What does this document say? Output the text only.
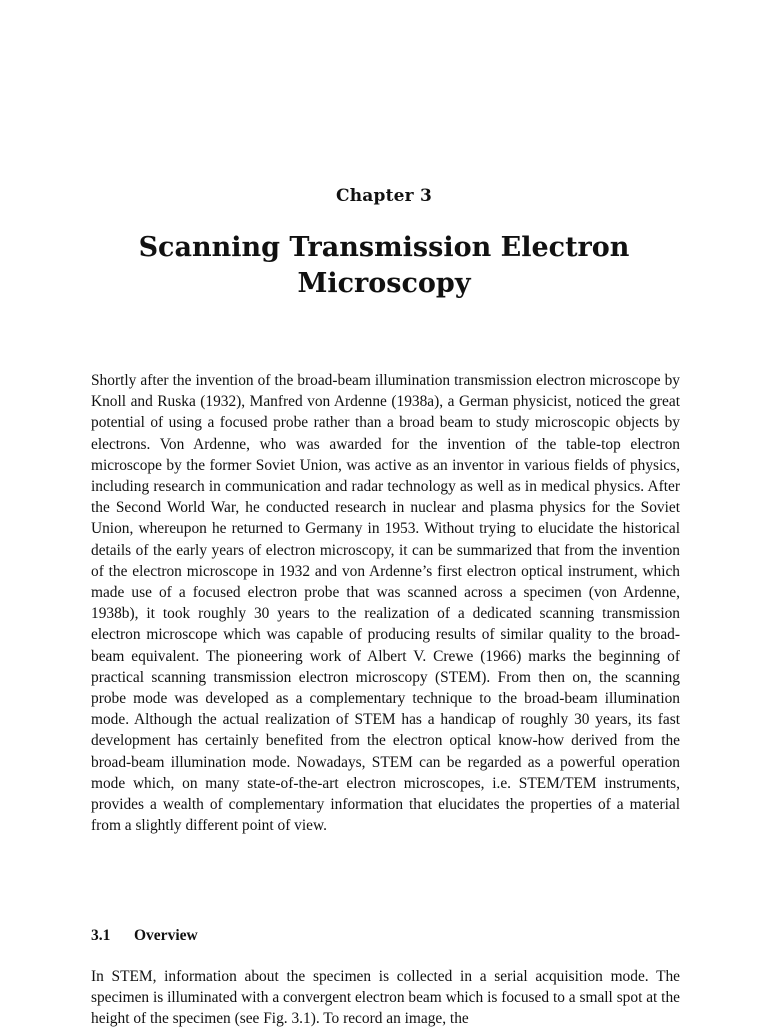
Chapter 3
Scanning Transmission Electron Microscopy

Shortly after the invention of the broad-beam illumination transmission electron microscope by Knoll and Ruska (1932), Manfred von Ardenne (1938a), a German physicist, noticed the great potential of using a focused probe rather than a broad beam to study microscopic objects by electrons. Von Ardenne, who was awarded for the invention of the table-top electron microscope by the former Soviet Union, was active as an inventor in various fields of physics, including research in communication and radar technology as well as in medical physics. After the Second World War, he conducted research in nuclear and plasma physics for the Soviet Union, whereupon he returned to Germany in 1953. Without trying to elucidate the historical details of the early years of electron microscopy, it can be summarized that from the invention of the electron microscope in 1932 and von Ardenne’s first electron optical instrument, which made use of a focused electron probe that was scanned across a specimen (von Ardenne, 1938b), it took roughly 30 years to the realization of a dedicated scanning transmission electron microscope which was capable of producing results of similar quality to the broad-beam equivalent. The pioneering work of Albert V. Crewe (1966) marks the beginning of practical scanning transmission electron microscopy (STEM). From then on, the scanning probe mode was developed as a complementary technique to the broad-beam illumination mode. Although the actual realization of STEM has a handicap of roughly 30 years, its fast development has certainly benefited from the electron optical know-how derived from the broad-beam illumination mode. Nowadays, STEM can be regarded as a powerful operation mode which, on many state-of-the-art electron microscopes, i.e. STEM/TEM instruments, provides a wealth of complementary information that elucidates the properties of a material from a slightly different point of view.

3.1 Overview

In STEM, information about the specimen is collected in a serial acquisition mode. The specimen is illuminated with a convergent electron beam which is focused to a small spot at the height of the specimen (see Fig. 3.1). To record an image, the
